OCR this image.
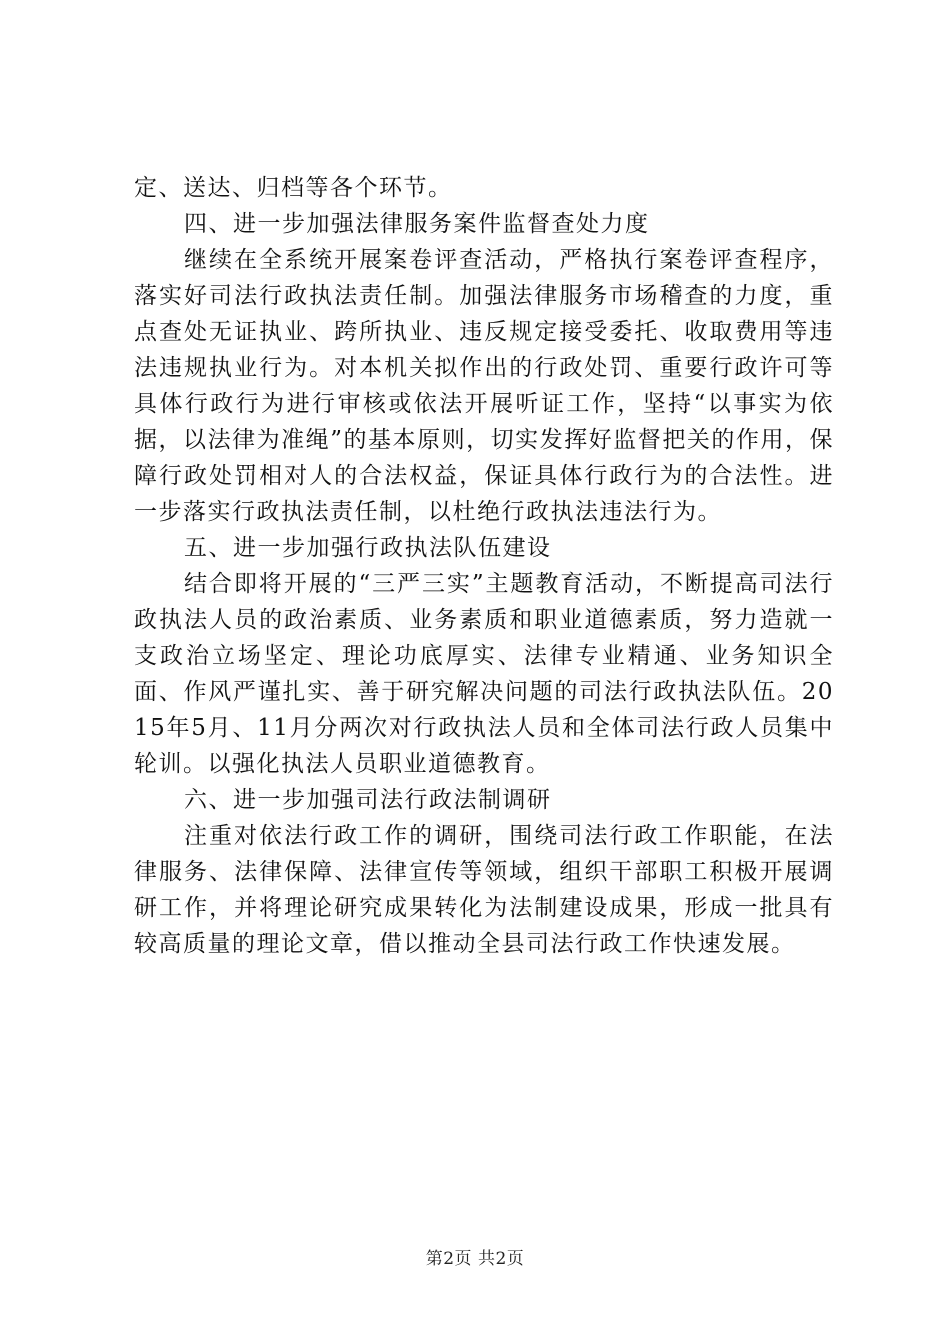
定、送达、归档等各个环节。

四、进一步加强法律服务案件监督查处力度

继续在全系统开展案卷评查活动，严格执行案卷评查程序，落实好司法行政执法责任制。加强法律服务市场稽查的力度，重点查处无证执业、跨所执业、违反规定接受委托、收取费用等违法违规执业行为。对本机关拟作出的行政处罚、重要行政许可等具体行政行为进行审核或依法开展听证工作，坚持“以事实为依据，以法律为准绳”的基本原则，切实发挥好监督把关的作用，保障行政处罚相对人的合法权益，保证具体行政行为的合法性。进一步落实行政执法责任制，以杜绝行政执法违法行为。

五、进一步加强行政执法队伍建设

结合即将开展的“三严三实”主题教育活动，不断提高司法行政执法人员的政治素质、业务素质和职业道德素质，努力造就一支政治立场坚定、理论功底厚实、法律专业精通、业务知识全面、作风严谨扎实、善于研究解决问题的司法行政执法队伍。2015年5月、11月分两次对行政执法人员和全体司法行政人员集中轮训。以强化执法人员职业道德教育。

六、进一步加强司法行政法制调研

注重对依法行政工作的调研，围绕司法行政工作职能，在法律服务、法律保障、法律宣传等领域，组织干部职工积极开展调研工作，并将理论研究成果转化为法制建设成果，形成一批具有较高质量的理论文章，借以推动全县司法行政工作快速发展。

第2页 共2页
